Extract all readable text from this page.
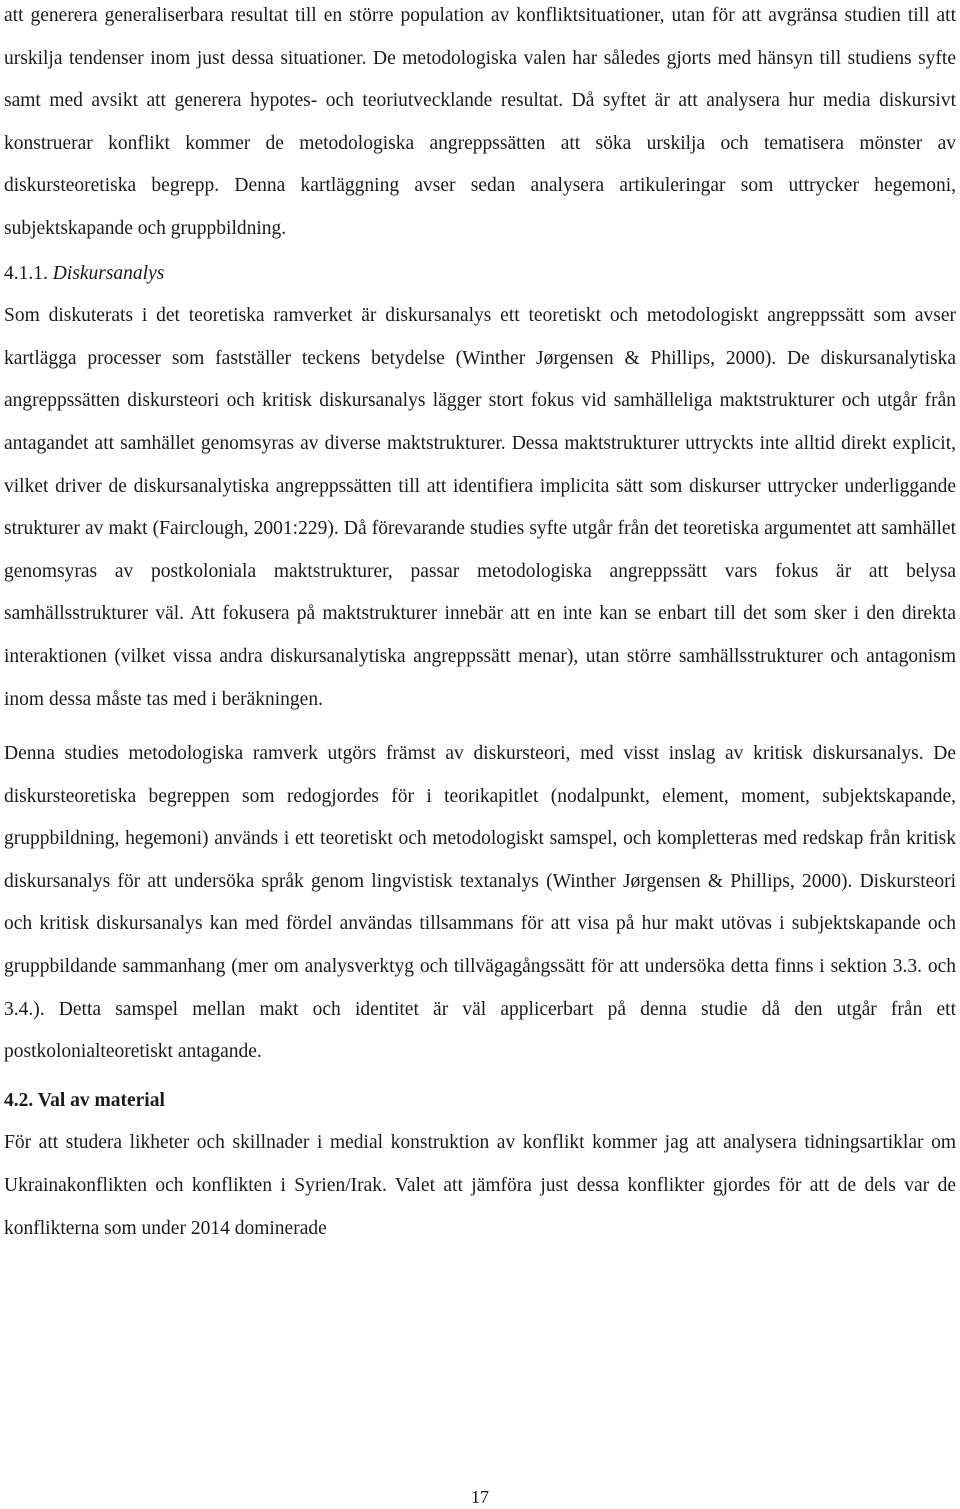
att generera generaliserbara resultat till en större population av konfliktsituationer, utan för att avgränsa studien till att urskilja tendenser inom just dessa situationer. De metodologiska valen har således gjorts med hänsyn till studiens syfte samt med avsikt att generera hypotes- och teoriutvecklande resultat. Då syftet är att analysera hur media diskursivt konstruerar konflikt kommer de metodologiska angreppssätten att söka urskilja och tematisera mönster av diskursteoretiska begrepp. Denna kartläggning avser sedan analysera artikuleringar som uttrycker hegemoni, subjektskapande och gruppbildning.

4.1.1. Diskursanalys

Som diskuterats i det teoretiska ramverket är diskursanalys ett teoretiskt och metodologiskt angreppssätt som avser kartlägga processer som fastställer teckens betydelse (Winther Jørgensen & Phillips, 2000). De diskursanalytiska angreppssätten diskursteori och kritisk diskursanalys lägger stort fokus vid samhälleliga maktstrukturer och utgår från antagandet att samhället genomsyras av diverse maktstrukturer. Dessa maktstrukturer uttryckts inte alltid direkt explicit, vilket driver de diskursanalytiska angreppssätten till att identifiera implicita sätt som diskurser uttrycker underliggande strukturer av makt (Fairclough, 2001:229). Då förevarande studies syfte utgår från det teoretiska argumentet att samhället genomsyras av postkoloniala maktstrukturer, passar metodologiska angreppssätt vars fokus är att belysa samhällsstrukturer väl. Att fokusera på maktstrukturer innebär att en inte kan se enbart till det som sker i den direkta interaktionen (vilket vissa andra diskursanalytiska angreppssätt menar), utan större samhällsstrukturer och antagonism inom dessa måste tas med i beräkningen.

Denna studies metodologiska ramverk utgörs främst av diskursteori, med visst inslag av kritisk diskursanalys. De diskursteoretiska begreppen som redogjordes för i teorikapitlet (nodalpunkt, element, moment, subjektskapande, gruppbildning, hegemoni) används i ett teoretiskt och metodologiskt samspel, och kompletteras med redskap från kritisk diskursanalys för att undersöka språk genom lingvistisk textanalys (Winther Jørgensen & Phillips, 2000). Diskursteori och kritisk diskursanalys kan med fördel användas tillsammans för att visa på hur makt utövas i subjektskapande och gruppbildande sammanhang (mer om analysverktyg och tillvägagångssätt för att undersöka detta finns i sektion 3.3. och 3.4.). Detta samspel mellan makt och identitet är väl applicerbart på denna studie då den utgår från ett postkolonialteoretiskt antagande.

4.2. Val av material

För att studera likheter och skillnader i medial konstruktion av konflikt kommer jag att analysera tidningsartiklar om Ukrainakonflikten och konflikten i Syrien/Irak. Valet att jämföra just dessa konflikter gjordes för att de dels var de konflikterna som under 2014 dominerade

17
